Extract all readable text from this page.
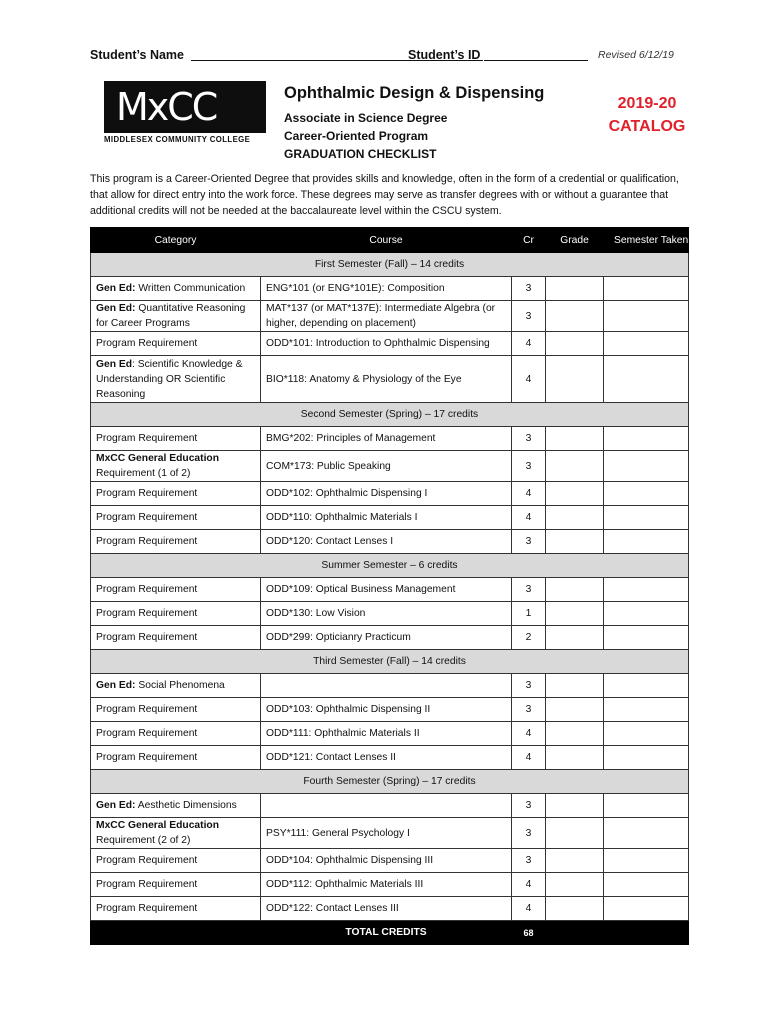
Student’s Name	Student’s ID	Revised 6/12/19
MxCC
MIDDLESEX COMMUNITY COLLEGE
Ophthalmic Design & Dispensing
Associate in Science Degree
Career-Oriented Program
GRADUATION CHECKLIST
2019-20
CATALOG

This program is a Career-Oriented Degree that provides skills and knowledge, often in the form of a credential or qualification, that allow for direct entry into the work force. These degrees may serve as transfer degrees with or without a guarantee that additional credits will not be needed at the baccalaureate level within the CSCU system.

Category	Course	Cr	Grade	Semester Taken
First Semester (Fall) – 14 credits				

Gen Ed: Written Communication	ENG*101 (or ENG*101E): Composition	3		

Gen Ed: Quantitative Reasoning for Career Programs	MAT*137 (or MAT*137E): Intermediate Algebra (or higher, depending on placement)	3		

Program Requirement	ODD*101: Introduction to Ophthalmic Dispensing	4		

Gen Ed: Scientific Knowledge & Understanding OR Scientific Reasoning	BIO*118: Anatomy & Physiology of the Eye	4		
Second Semester (Spring) – 17 credits				

Program Requirement	BMG*202: Principles of Management	3		

MxCC General Education
Requirement (1 of 2)	COM*173: Public Speaking	3		

Program Requirement	ODD*102: Ophthalmic Dispensing I	4		

Program Requirement	ODD*110: Ophthalmic Materials I	4		

Program Requirement	ODD*120: Contact Lenses I	3		
Summer Semester – 6 credits				

Program Requirement	ODD*109: Optical Business Management	3		

Program Requirement	ODD*130: Low Vision	1		

Program Requirement	ODD*299: Opticianry Practicum	2		
Third Semester (Fall) – 14 credits				

Gen Ed: Social Phenomena		3		

Program Requirement	ODD*103: Ophthalmic Dispensing II	3		

Program Requirement	ODD*111: Ophthalmic Materials II	4		

Program Requirement	ODD*121: Contact Lenses II	4		
Fourth Semester (Spring) – 17 credits				

Gen Ed: Aesthetic Dimensions		3		

MxCC General Education
Requirement (2 of 2)	PSY*111: General Psychology I	3		

Program Requirement	ODD*104: Ophthalmic Dispensing III	3		

Program Requirement	ODD*112: Ophthalmic Materials III	4		

Program Requirement	ODD*122: Contact Lenses III	4		
	TOTAL CREDITS	68		
